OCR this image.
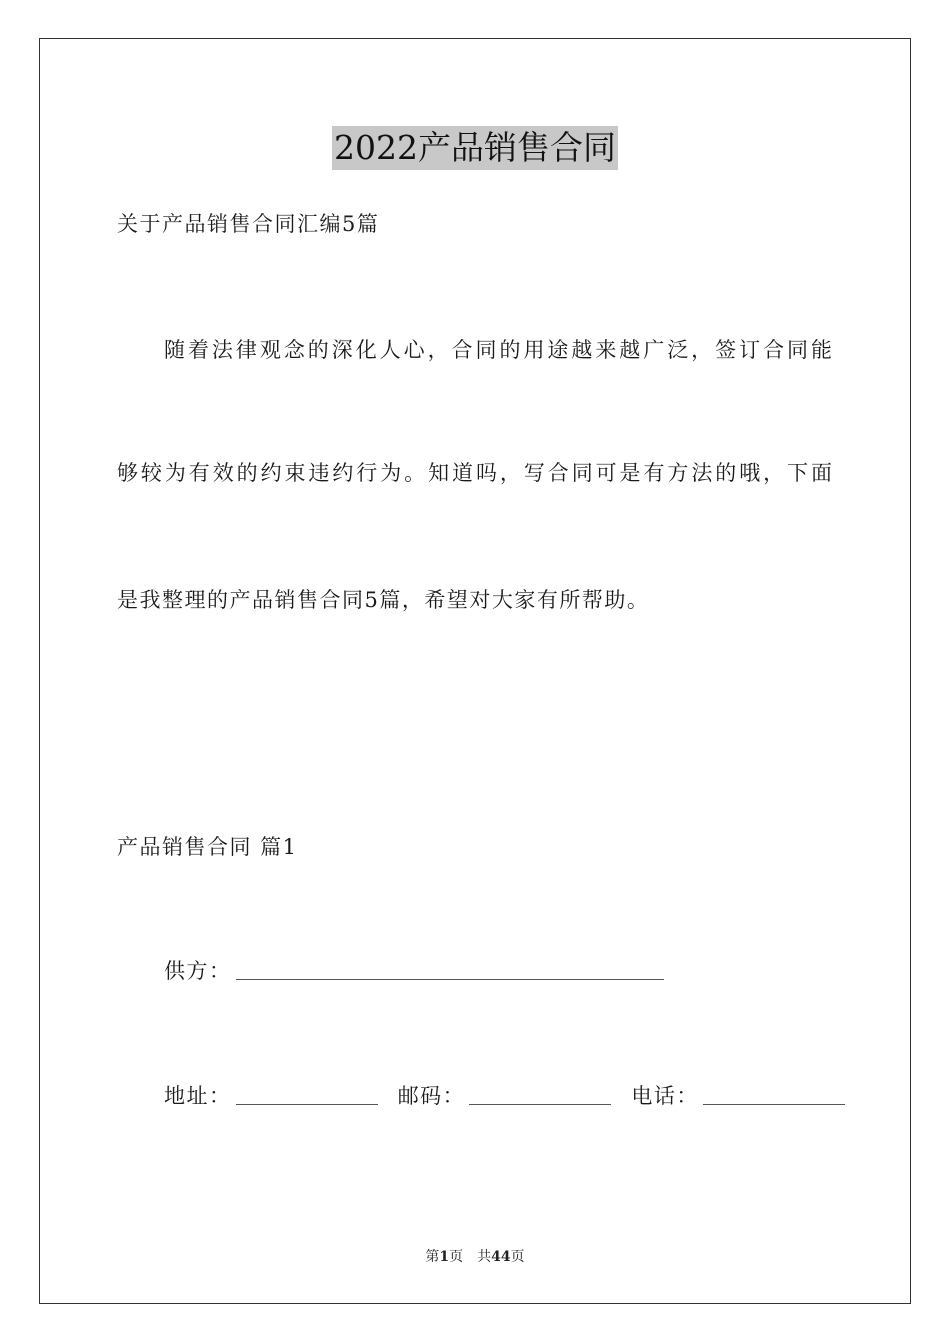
2022产品销售合同
关于产品销售合同汇编5篇
随着法律观念的深化人心，合同的用途越来越广泛，签订合同能
够较为有效的约束违约行为。知道吗，写合同可是有方法的哦，下面
是我整理的产品销售合同5篇，希望对大家有所帮助。
产品销售合同 篇1
供方：
地址：	邮码：	电话：
第1页　共44页
